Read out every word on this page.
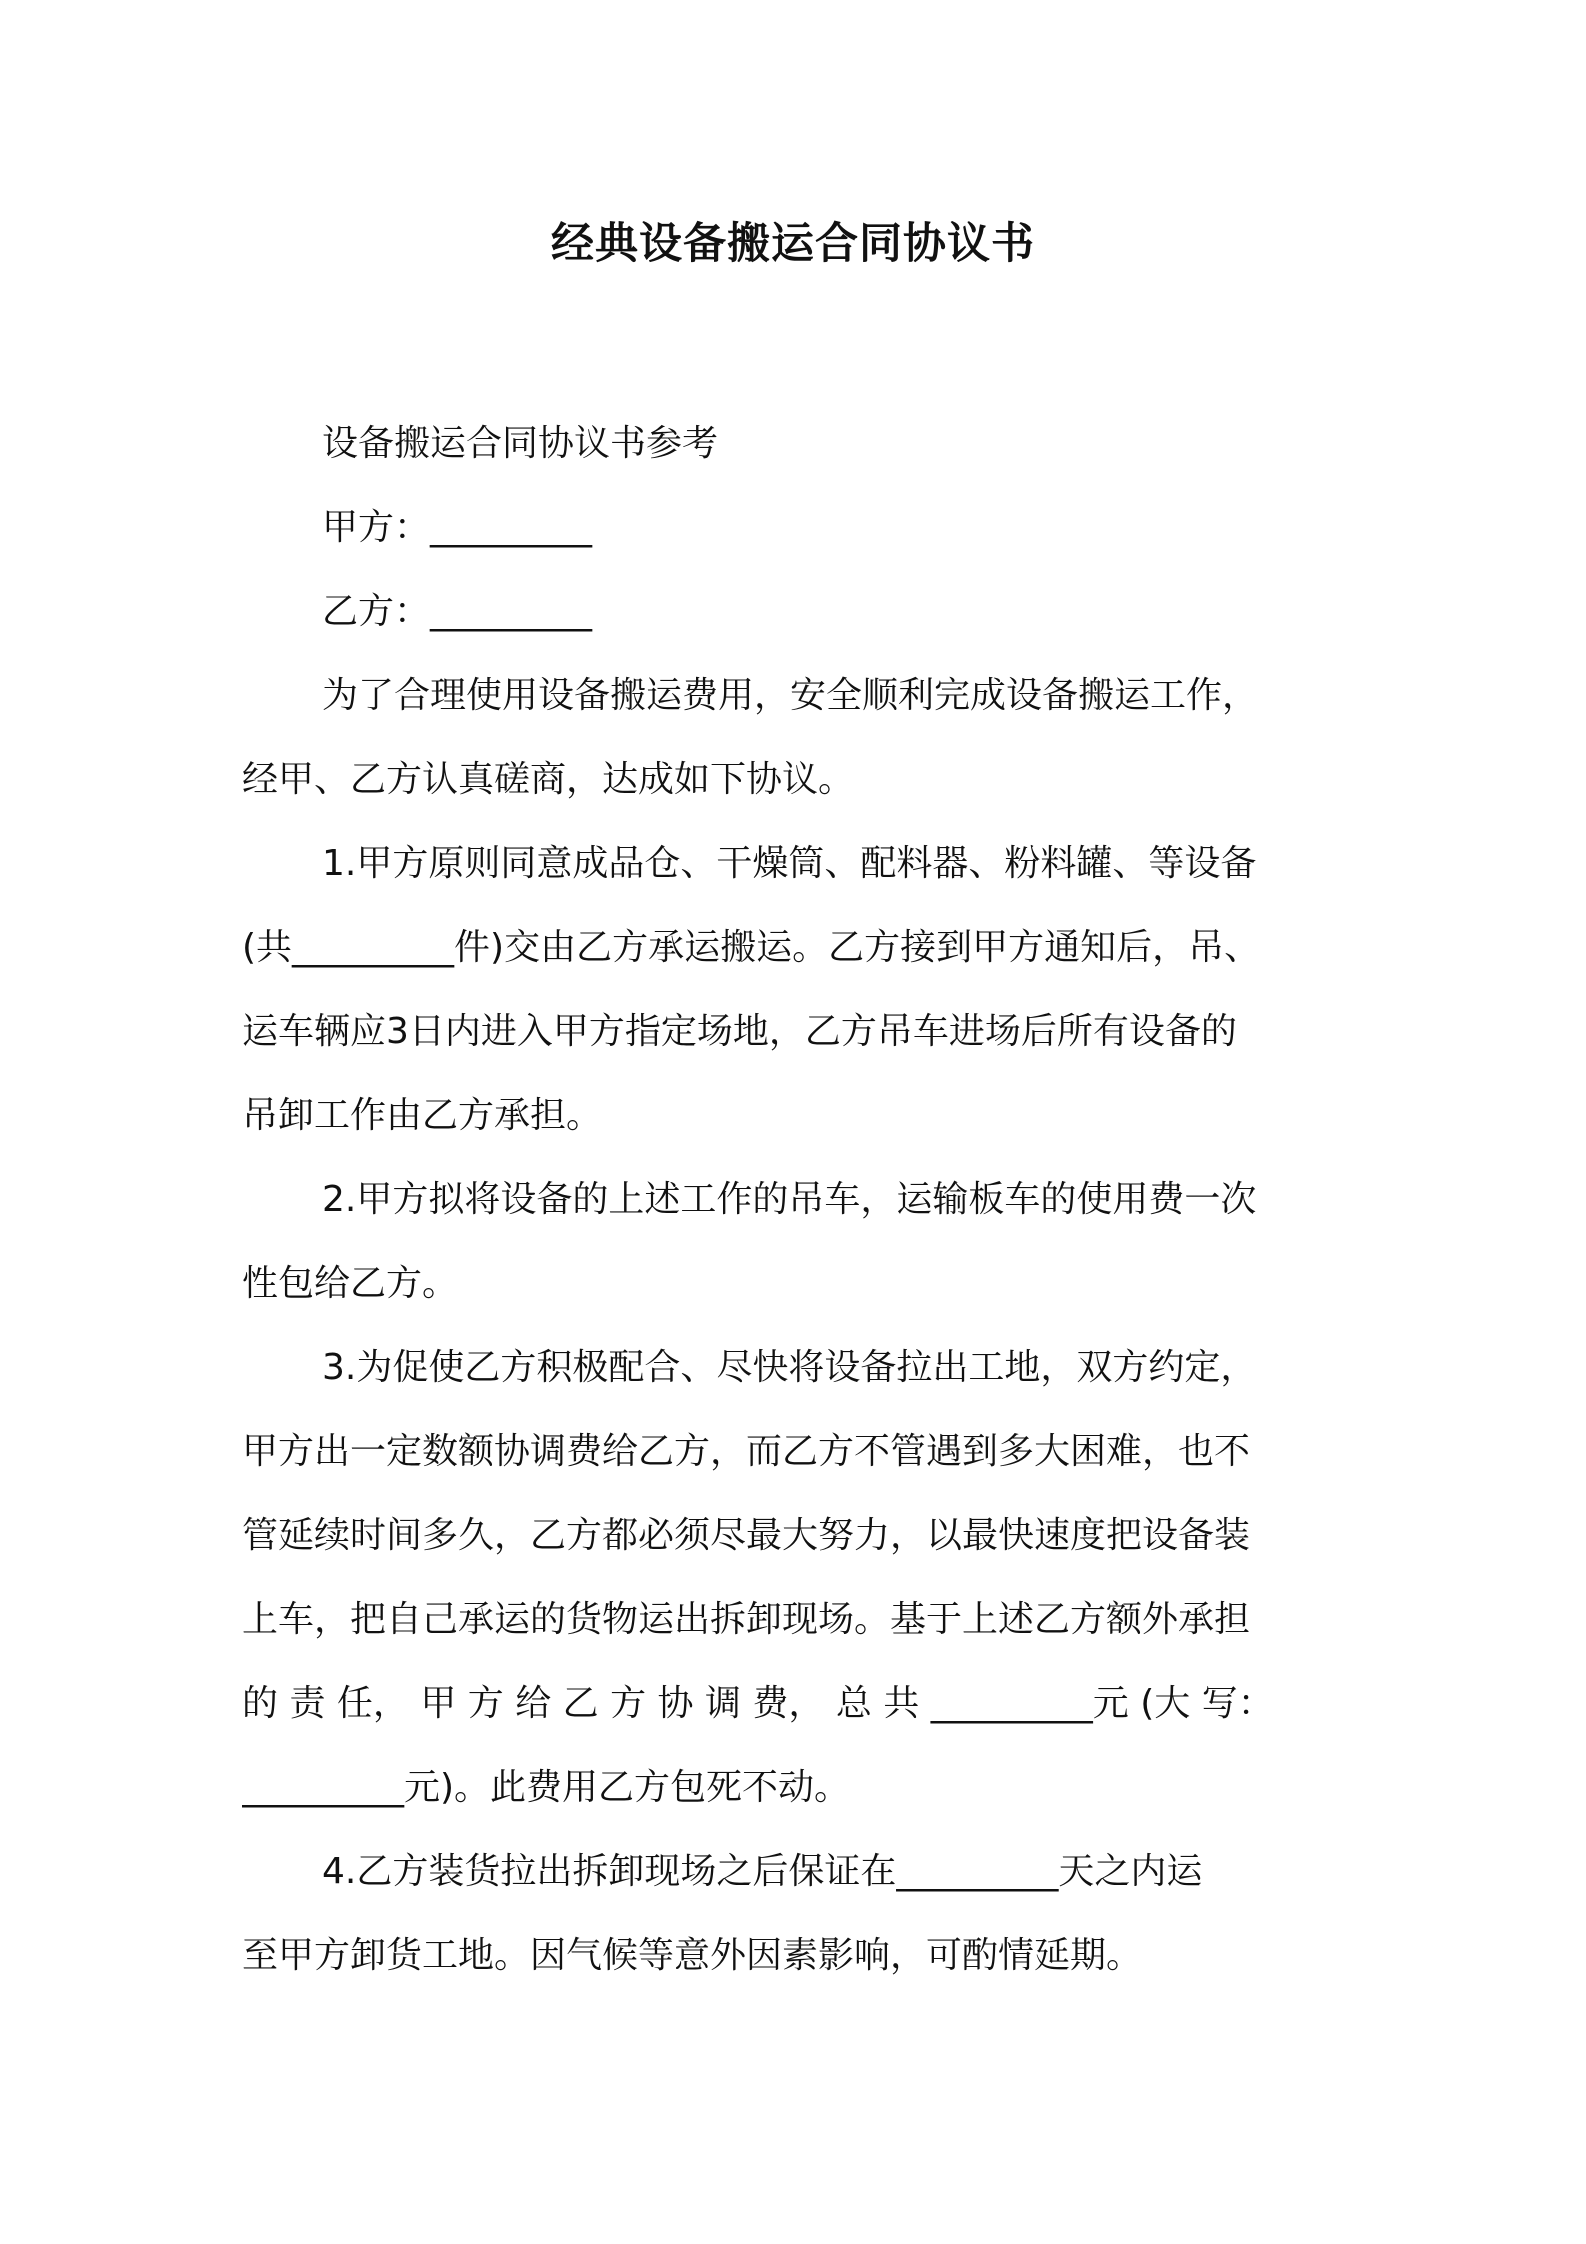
经典设备搬运合同协议书
设备搬运合同协议书参考
甲方：_________
乙方：_________
为了合理使用设备搬运费用，安全顺利完成设备搬运工作，
经甲、乙方认真磋商，达成如下协议。
1.甲方原则同意成品仓、干燥筒、配料器、粉料罐、等设备
(共_________件)交由乙方承运搬运。乙方接到甲方通知后，吊、
运车辆应3日内进入甲方指定场地，乙方吊车进场后所有设备的
吊卸工作由乙方承担。
2.甲方拟将设备的上述工作的吊车，运输板车的使用费一次
性包给乙方。
3.为促使乙方积极配合、尽快将设备拉出工地，双方约定，
甲方出一定数额协调费给乙方，而乙方不管遇到多大困难，也不
管延续时间多久，乙方都必须尽最大努力，以最快速度把设备装
上车，把自己承运的货物运出拆卸现场。基于上述乙方额外承担
的 责 任， 甲 方 给 乙 方 协 调 费， 总 共 _________元 (大 写：
_________元)。此费用乙方包死不动。
4.乙方装货拉出拆卸现场之后保证在_________天之内运
至甲方卸货工地。因气候等意外因素影响，可酌情延期。
